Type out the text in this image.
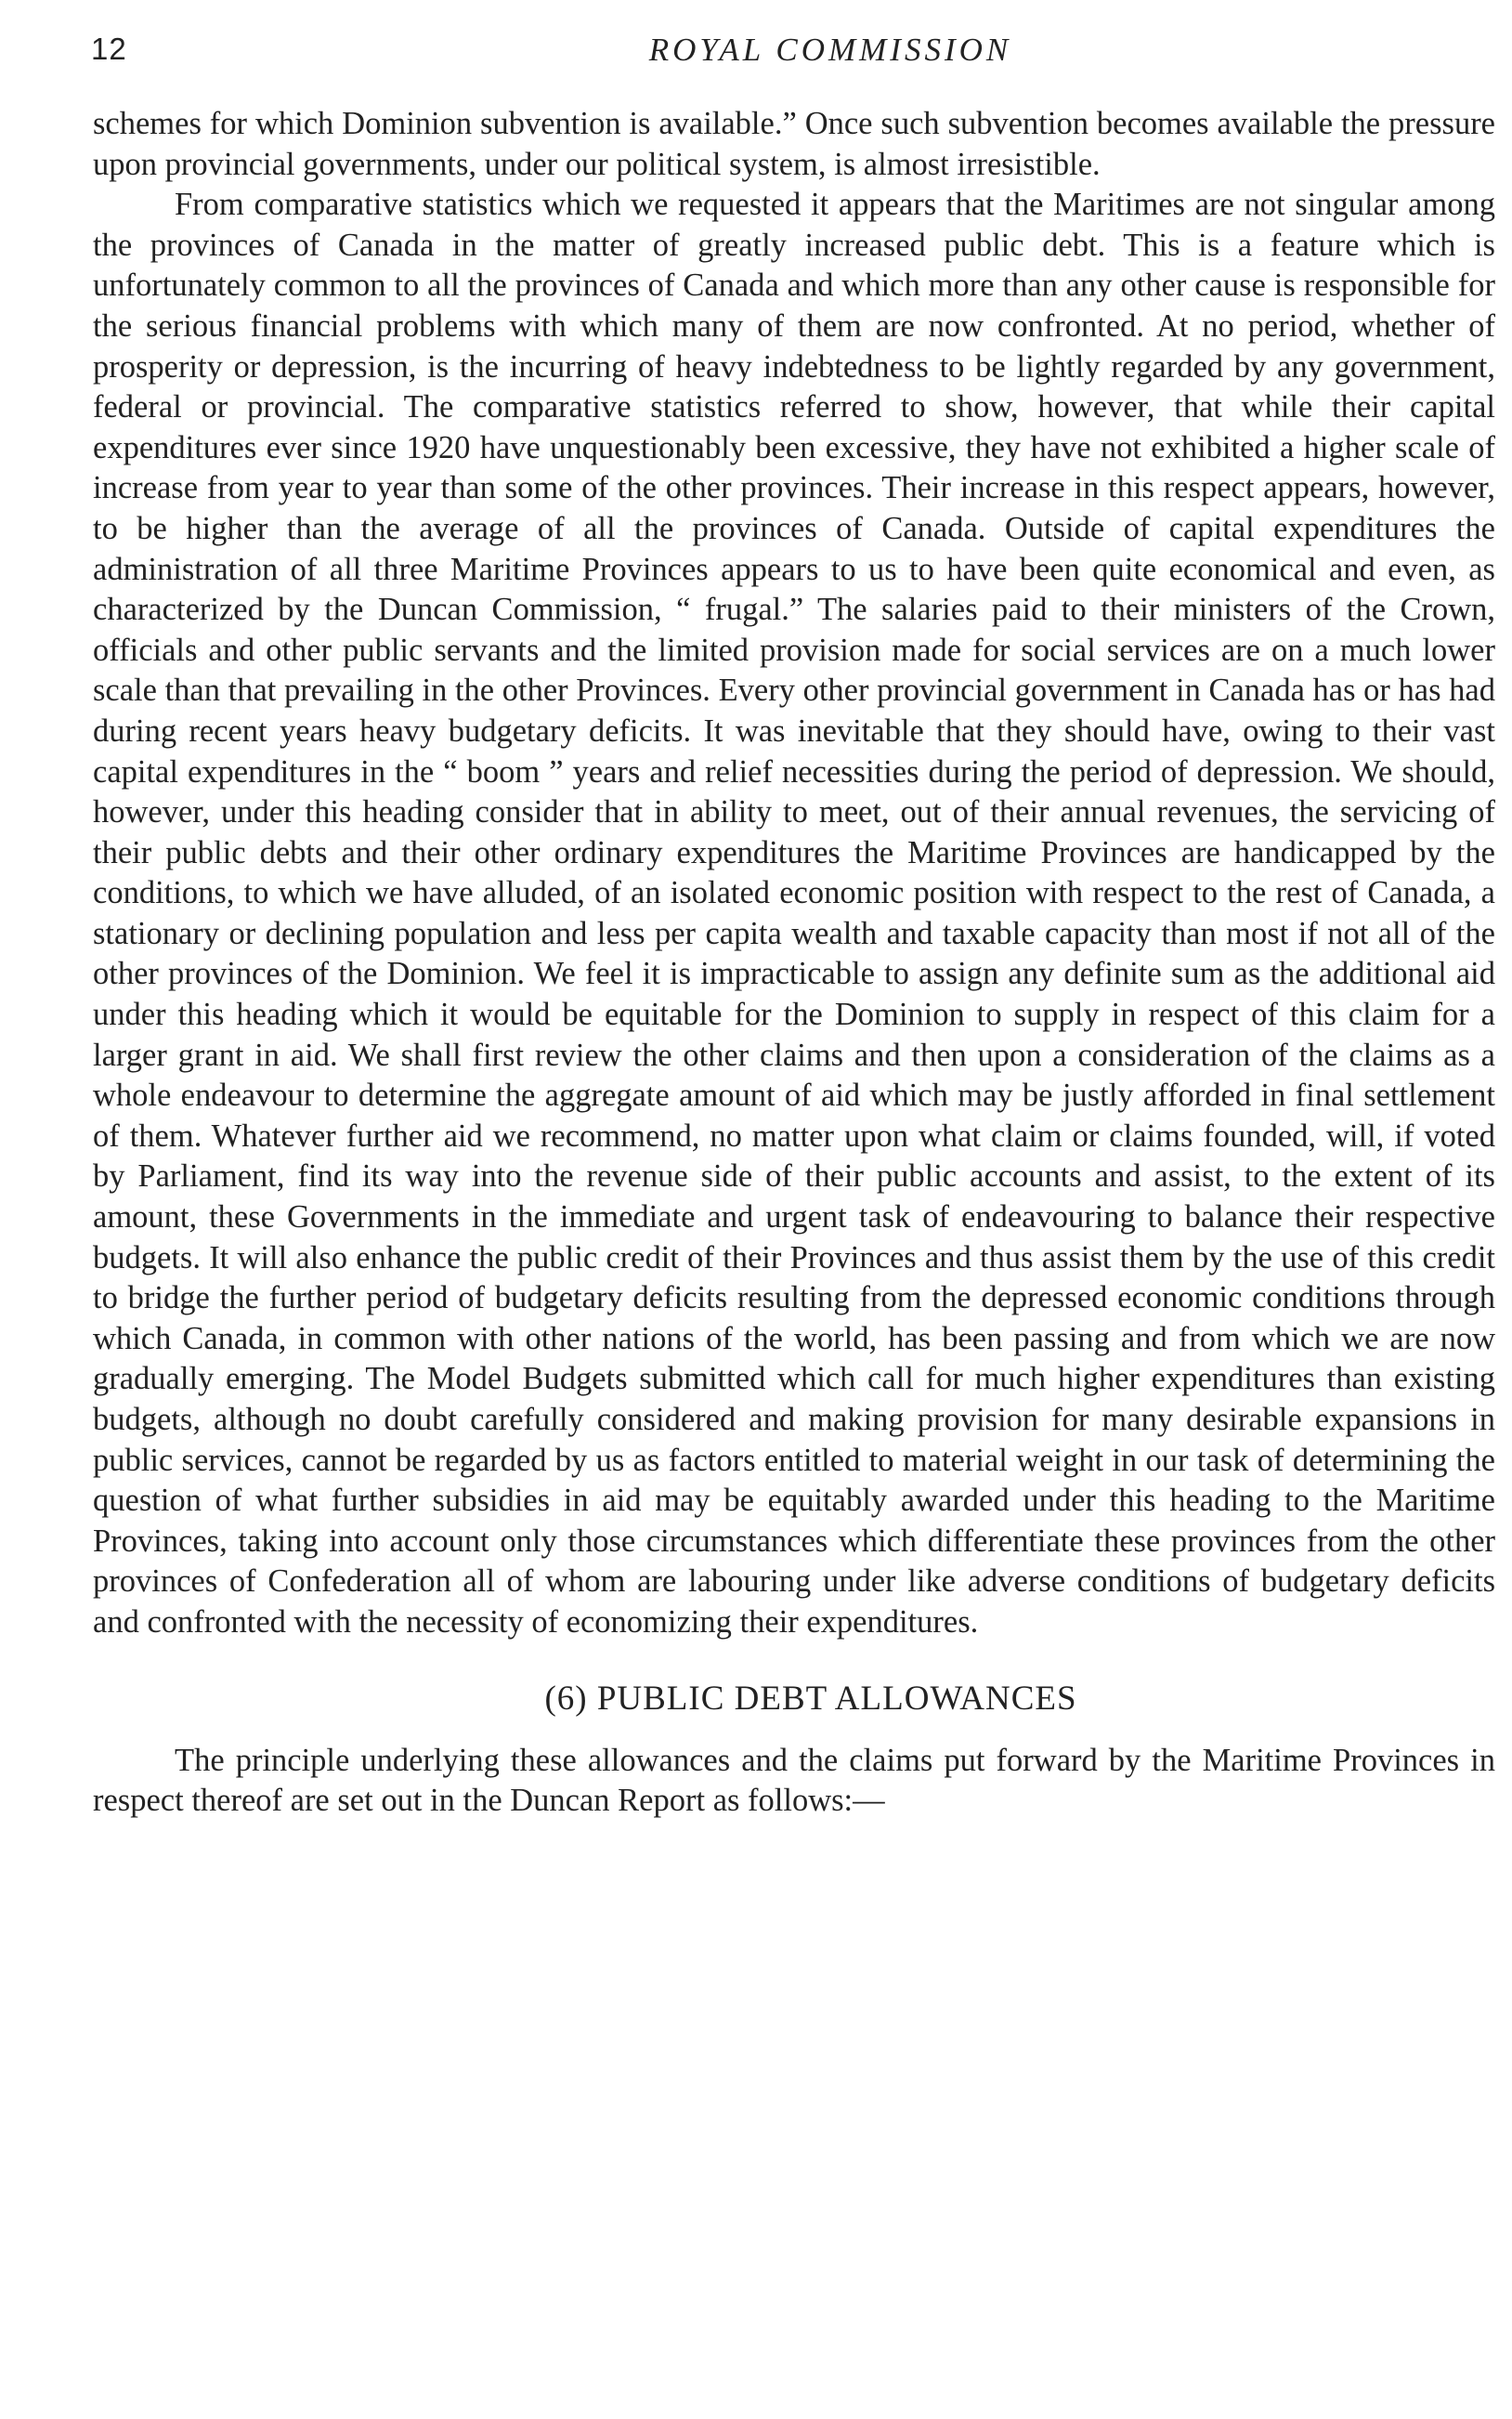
12	ROYAL COMMISSION

schemes for which Dominion subvention is available.” Once such subvention becomes available the pressure upon provincial governments, under our political system, is almost irresistible.

From comparative statistics which we requested it appears that the Maritimes are not singular among the provinces of Canada in the matter of greatly increased public debt. This is a feature which is unfortunately common to all the provinces of Canada and which more than any other cause is responsible for the serious financial problems with which many of them are now confronted. At no period, whether of prosperity or depression, is the incurring of heavy indebtedness to be lightly regarded by any government, federal or provincial. The comparative statistics referred to show, however, that while their capital expenditures ever since 1920 have unquestionably been excessive, they have not exhibited a higher scale of increase from year to year than some of the other provinces. Their increase in this respect appears, however, to be higher than the average of all the provinces of Canada. Outside of capital expenditures the administration of all three Maritime Provinces appears to us to have been quite economical and even, as characterized by the Duncan Commission, “ frugal.” The salaries paid to their ministers of the Crown, officials and other public servants and the limited provision made for social services are on a much lower scale than that prevailing in the other Provinces. Every other provincial government in Canada has or has had during recent years heavy budgetary deficits. It was inevitable that they should have, owing to their vast capital expenditures in the “ boom ” years and relief necessities during the period of depression. We should, however, under this heading consider that in ability to meet, out of their annual revenues, the servicing of their public debts and their other ordinary expenditures the Maritime Provinces are handicapped by the conditions, to which we have alluded, of an isolated economic position with respect to the rest of Canada, a stationary or declining population and less per capita wealth and taxable capacity than most if not all of the other provinces of the Dominion. We feel it is impracticable to assign any definite sum as the additional aid under this heading which it would be equitable for the Dominion to supply in respect of this claim for a larger grant in aid. We shall first review the other claims and then upon a consideration of the claims as a whole endeavour to determine the aggregate amount of aid which may be justly afforded in final settlement of them. Whatever further aid we recommend, no matter upon what claim or claims founded, will, if voted by Parliament, find its way into the revenue side of their public accounts and assist, to the extent of its amount, these Governments in the immediate and urgent task of endeavouring to balance their respective budgets. It will also enhance the public credit of their Provinces and thus assist them by the use of this credit to bridge the further period of budgetary deficits resulting from the depressed economic conditions through which Canada, in common with other nations of the world, has been passing and from which we are now gradually emerging. The Model Budgets submitted which call for much higher expenditures than existing budgets, although no doubt carefully considered and making provision for many desirable expansions in public services, cannot be regarded by us as factors entitled to material weight in our task of determining the question of what further subsidies in aid may be equitably awarded under this heading to the Maritime Provinces, taking into account only those circumstances which differentiate these provinces from the other provinces of Confederation all of whom are labouring under like adverse conditions of budgetary deficits and confronted with the necessity of economizing their expenditures.

(6) PUBLIC DEBT ALLOWANCES

The principle underlying these allowances and the claims put forward by the Maritime Provinces in respect thereof are set out in the Duncan Report as follows:—
